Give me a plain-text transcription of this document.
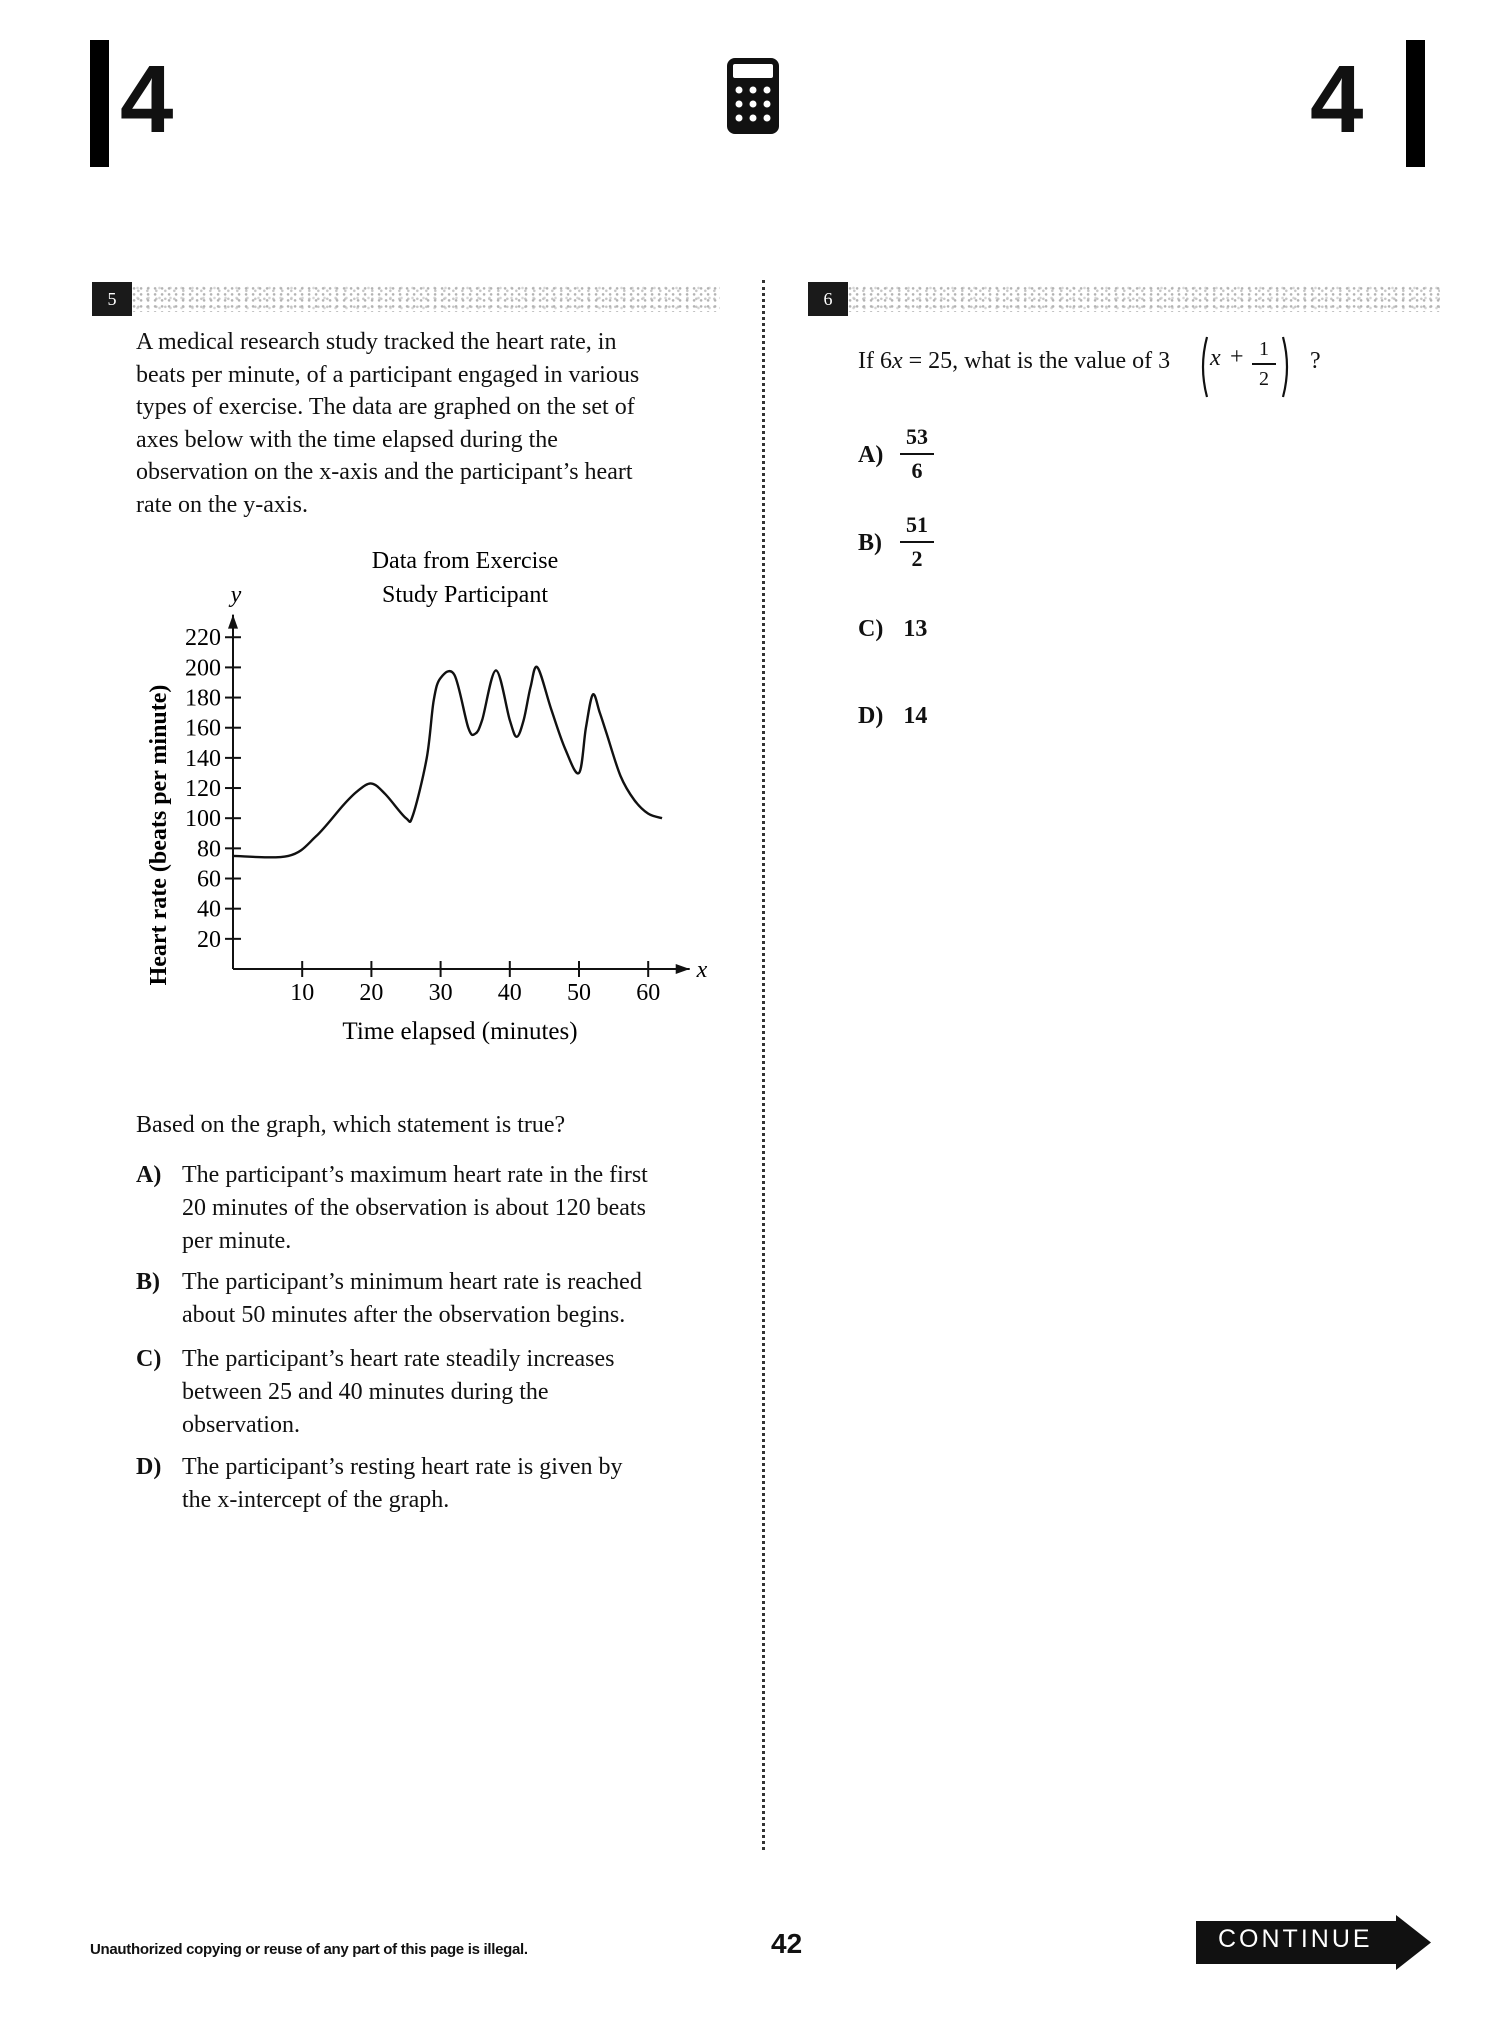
4	4
5
A medical research study tracked the heart rate, in
beats per minute, of a participant engaged in various
types of exercise. The data are graphed on the set of
axes below with the time elapsed during the
observation on the x-axis and the participant’s heart
rate on the y-axis.
Data from Exercise
Study Participant
y
x
Time elapsed (minutes)
Heart rate (beats per minute)
10 20 30 40 50 60
20
40
60
80
100
120
140
160
180
200
220
Based on the graph, which statement is true?
A) The participant’s maximum heart rate in the first
20 minutes of the observation is about 120 beats
per minute.
B) The participant’s minimum heart rate is reached
about 50 minutes after the observation begins.
C) The participant’s heart rate steadily increases
between 25 and 40 minutes during the
observation.
D) The participant’s resting heart rate is given by
the x-intercept of the graph.
6
If 6x = 25, what is the value of 3 x + 1
2
?
A)
53
6
B)
51
2
C) 13
D) 14
Unauthorized copying or reuse of any part of this page is illegal.	42	CONTINUE
